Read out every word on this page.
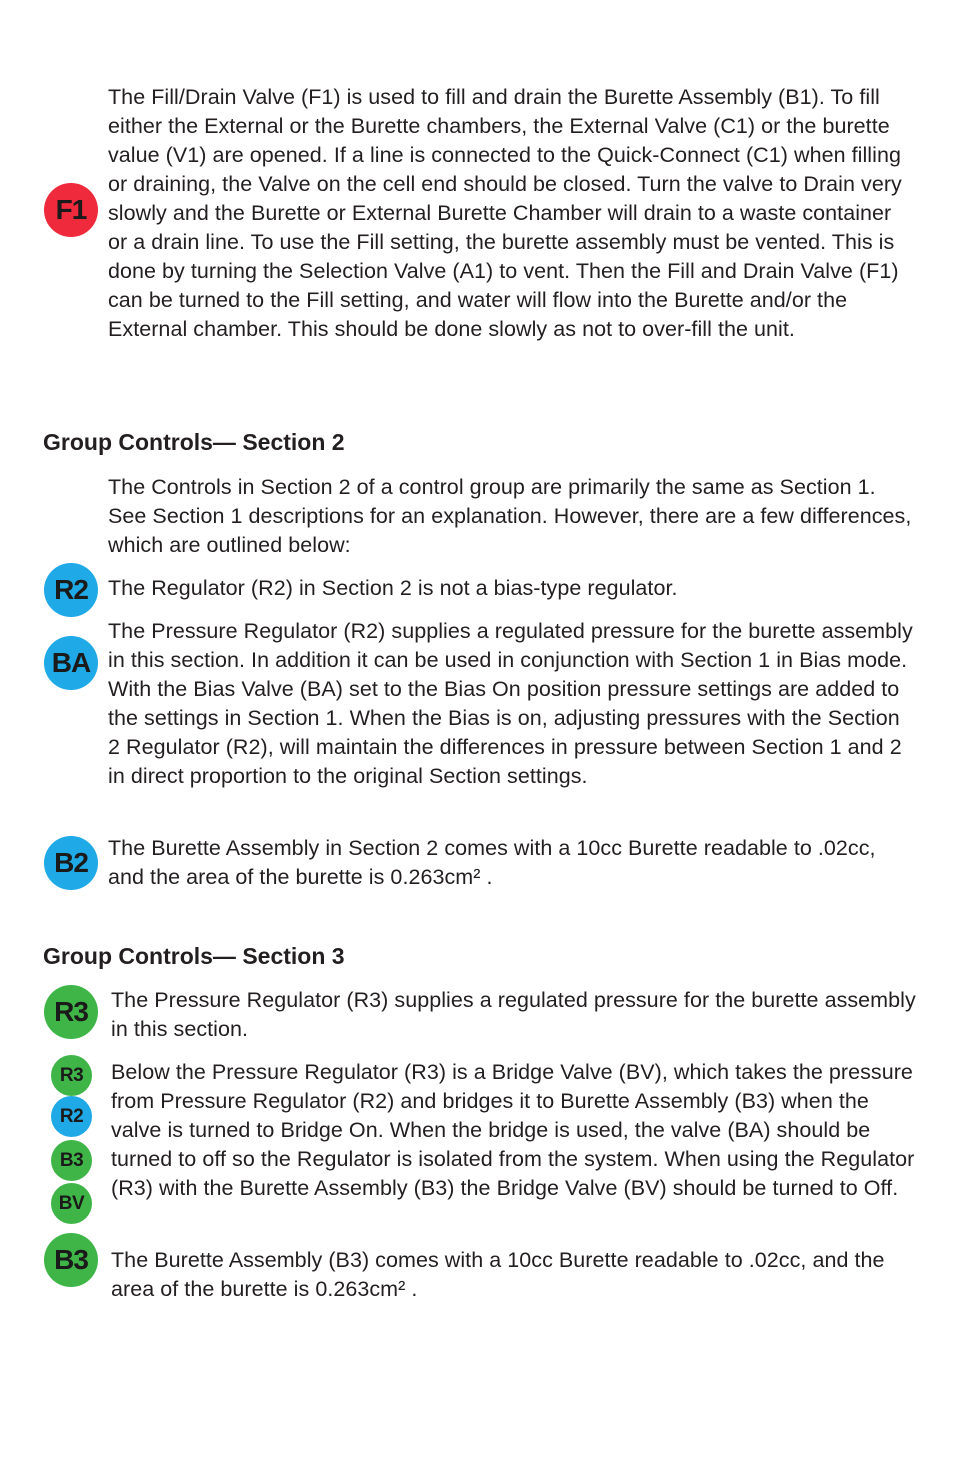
F1

The Fill/Drain Valve (F1) is used to fill and drain the Burette Assembly (B1). To fill either the External or the Burette chambers, the External Valve (C1) or the burette value (V1) are opened. If a line is connected to the Quick-Connect (C1) when filling or draining, the Valve on the cell end should be closed. Turn the valve to Drain very slowly and the Burette or External Burette Chamber will drain to a waste container or a drain line. To use the Fill setting, the burette assembly must be vented. This is done by turning the Selection Valve (A1) to vent. Then the Fill and Drain Valve (F1) can be turned to the Fill setting, and water will flow into the Burette and/or the External chamber. This should be done slowly as not to over-fill the unit.

Group Controls— Section 2

The Controls in Section 2 of a control group are primarily the same as Section 1. See Section 1 descriptions for an explanation. However, there are a few differences, which are outlined below:

R2 The Regulator (R2) in Section 2 is not a bias-type regulator.

BA

The Pressure Regulator (R2) supplies a regulated pressure for the burette assembly in this section. In addition it can be used in conjunction with Section 1 in Bias mode. With the Bias Valve (BA) set to the Bias On position pressure settings are added to the settings in Section 1. When the Bias is on, adjusting pressures with the Section 2 Regulator (R2), will maintain the differences in pressure between Section 1 and 2 in direct proportion to the original Section settings.

B2 The Burette Assembly in Section 2 comes with a 10cc Burette readable to .02cc, and the area of the burette is 0.263cm² .

Group Controls— Section 3
R3	The Pressure Regulator (R3) supplies a regulated pressure for the burette assembly in this section.

R3
R2
B3
BV

Below the Pressure Regulator (R3) is a Bridge Valve (BV), which takes the pressure from Pressure Regulator (R2) and bridges it to Burette Assembly (B3) when the valve is turned to Bridge On. When the bridge is used, the valve (BA) should be turned to off so the Regulator is isolated from the system. When using the Regulator (R3) with the Burette Assembly (B3) the Bridge Valve (BV) should be turned to Off.

B3	The Burette Assembly (B3) comes with a 10cc Burette readable to .02cc, and the area of the burette is 0.263cm² .
